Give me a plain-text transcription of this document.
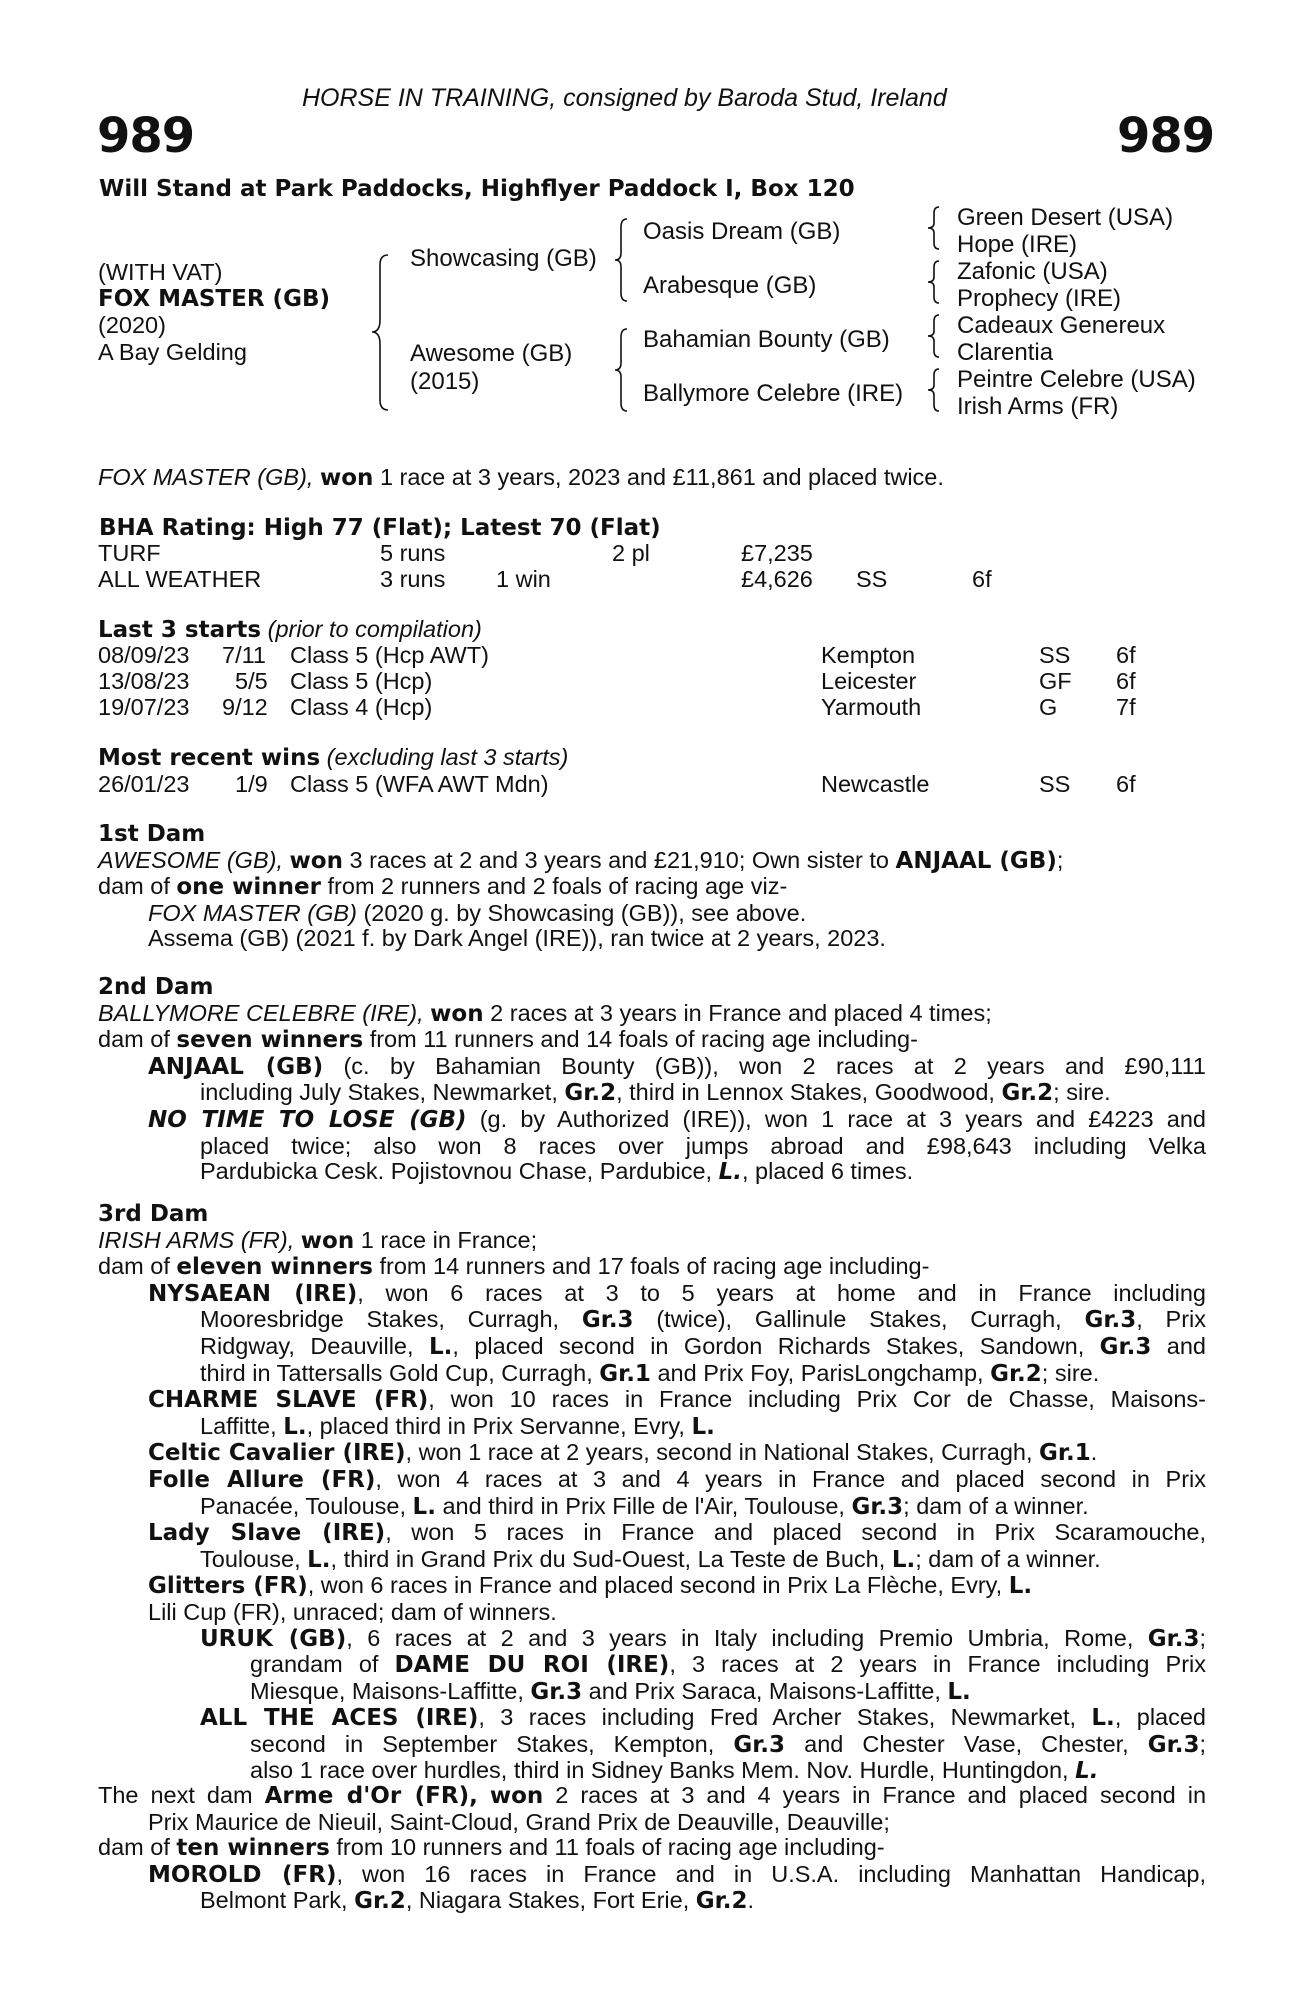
HORSE IN TRAINING, consigned by Baroda Stud, Ireland
989	989
Will Stand at Park Paddocks, Highflyer Paddock I, Box 120
(WITH VAT)
FOX MASTER (GB)
(2020)
A Bay Gelding
Showcasing (GB)
Awesome (GB)
(2015)
Oasis Dream (GB)
Arabesque (GB)
Bahamian Bounty (GB)
Ballymore Celebre (IRE)
Green Desert (USA)
Hope (IRE)
Zafonic (USA)
Prophecy (IRE)
Cadeaux Genereux
Clarentia
Peintre Celebre (USA)
Irish Arms (FR)
FOX MASTER (GB), won 1 race at 3 years, 2023 and £11,861 and placed twice.
BHA Rating: High 77 (Flat); Latest 70 (Flat)
TURF	5 runs	2 pl	£7,235
ALL WEATHER	3 runs 1 win	£4,626 SS	6f
Last 3 starts (prior to compilation)
08/09/23 7/11 Class 5 (Hcp AWT)	Kempton	SS 6f
13/08/23 5/5 Class 5 (Hcp)	Leicester	GF 6f
19/07/23 9/12 Class 4 (Hcp)	Yarmouth	G 7f
Most recent wins (excluding last 3 starts)
26/01/23 1/9 Class 5 (WFA AWT Mdn)	Newcastle	SS 6f
1st Dam
AWESOME (GB), won 3 races at 2 and 3 years and £21,910; Own sister to ANJAAL (GB);
dam of one winner from 2 runners and 2 foals of racing age viz-
FOX MASTER (GB) (2020 g. by Showcasing (GB)), see above.
Assema (GB) (2021 f. by Dark Angel (IRE)), ran twice at 2 years, 2023.
2nd Dam
BALLYMORE CELEBRE (IRE), won 2 races at 3 years in France and placed 4 times;
dam of seven winners from 11 runners and 14 foals of racing age including-
ANJAAL (GB) (c. by Bahamian Bounty (GB)), won 2 races at 2 years and £90,111
including July Stakes, Newmarket, Gr.2, third in Lennox Stakes, Goodwood, Gr.2; sire.
NO TIME TO LOSE (GB) (g. by Authorized (IRE)), won 1 race at 3 years and £4223 and
placed twice; also won 8 races over jumps abroad and £98,643 including Velka
Pardubicka Cesk. Pojistovnou Chase, Pardubice, L., placed 6 times.
3rd Dam
IRISH ARMS (FR), won 1 race in France;
dam of eleven winners from 14 runners and 17 foals of racing age including-
NYSAEAN (IRE), won 6 races at 3 to 5 years at home and in France including
Mooresbridge Stakes, Curragh, Gr.3 (twice), Gallinule Stakes, Curragh, Gr.3, Prix
Ridgway, Deauville, L., placed second in Gordon Richards Stakes, Sandown, Gr.3 and
third in Tattersalls Gold Cup, Curragh, Gr.1 and Prix Foy, ParisLongchamp, Gr.2; sire.
CHARME SLAVE (FR), won 10 races in France including Prix Cor de Chasse, Maisons-
Laffitte, L., placed third in Prix Servanne, Evry, L.
Celtic Cavalier (IRE), won 1 race at 2 years, second in National Stakes, Curragh, Gr.1.
Folle Allure (FR), won 4 races at 3 and 4 years in France and placed second in Prix
Panacée, Toulouse, L. and third in Prix Fille de l'Air, Toulouse, Gr.3; dam of a winner.
Lady Slave (IRE), won 5 races in France and placed second in Prix Scaramouche,
Toulouse, L., third in Grand Prix du Sud-Ouest, La Teste de Buch, L.; dam of a winner.
Glitters (FR), won 6 races in France and placed second in Prix La Flèche, Evry, L.
Lili Cup (FR), unraced; dam of winners.
URUK (GB), 6 races at 2 and 3 years in Italy including Premio Umbria, Rome, Gr.3;
grandam of DAME DU ROI (IRE), 3 races at 2 years in France including Prix
Miesque, Maisons-Laffitte, Gr.3 and Prix Saraca, Maisons-Laffitte, L.
ALL THE ACES (IRE), 3 races including Fred Archer Stakes, Newmarket, L., placed
second in September Stakes, Kempton, Gr.3 and Chester Vase, Chester, Gr.3;
also 1 race over hurdles, third in Sidney Banks Mem. Nov. Hurdle, Huntingdon, L.
The next dam Arme d'Or (FR), won 2 races at 3 and 4 years in France and placed second in
Prix Maurice de Nieuil, Saint-Cloud, Grand Prix de Deauville, Deauville;
dam of ten winners from 10 runners and 11 foals of racing age including-
MOROLD (FR), won 16 races in France and in U.S.A. including Manhattan Handicap,
Belmont Park, Gr.2, Niagara Stakes, Fort Erie, Gr.2.
